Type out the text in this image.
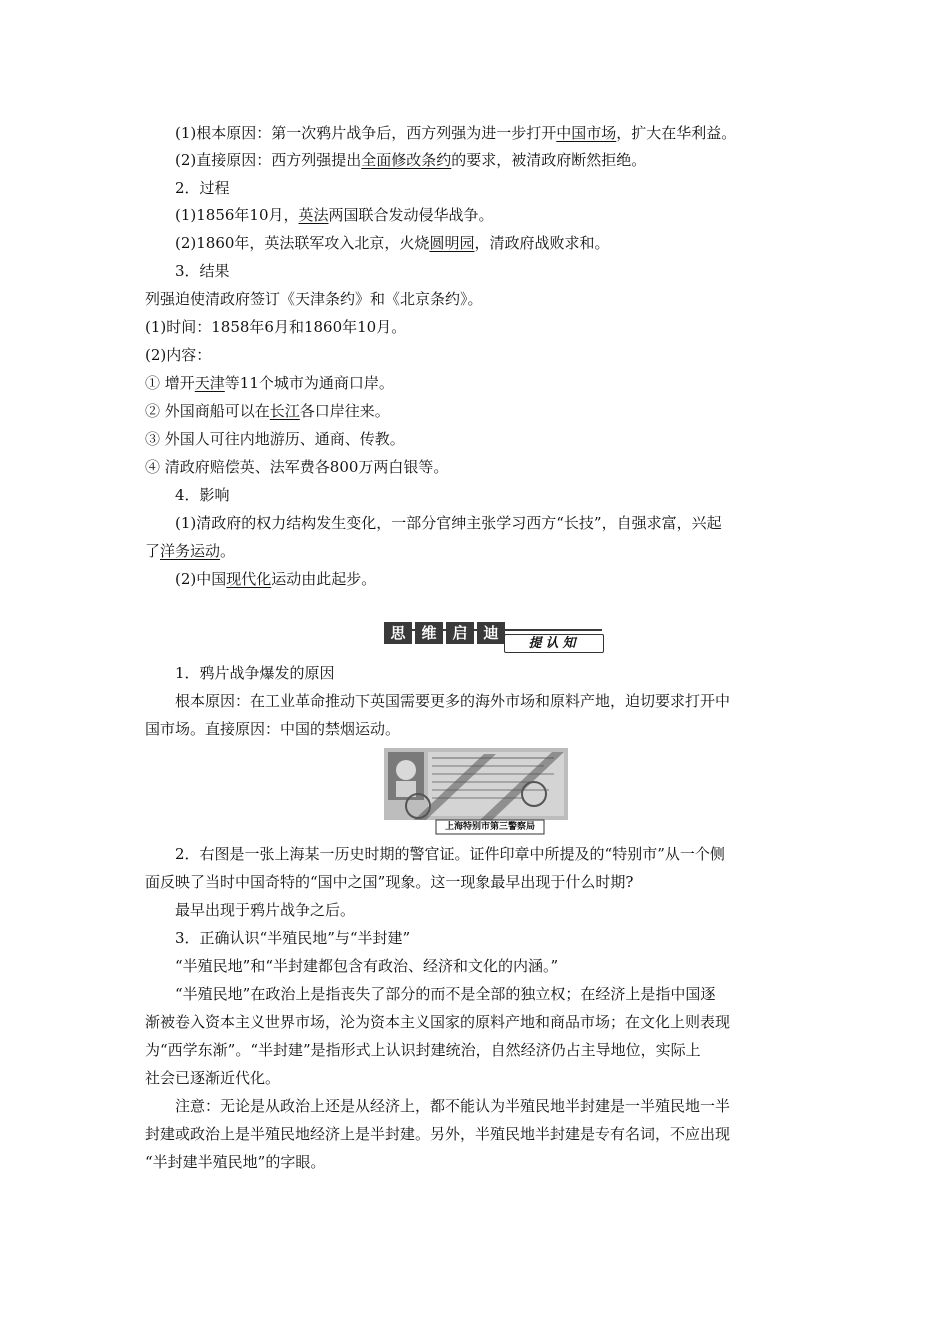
(1)根本原因：第一次鸦片战争后，西方列强为进一步打开中国市场，扩大在华利益。
(2)直接原因：西方列强提出全面修改条约的要求，被清政府断然拒绝。
2．过程
(1)1856年10月，英法两国联合发动侵华战争。
(2)1860年，英法联军攻入北京，火烧圆明园，清政府战败求和。
3．结果
列强迫使清政府签订《天津条约》和《北京条约》。
(1)时间：1858年6月和1860年10月。
(2)内容：
① 增开天津等11个城市为通商口岸。
② 外国商船可以在长江各口岸往来。
③ 外国人可往内地游历、通商、传教。
④ 清政府赔偿英、法军费各800万两白银等。
4．影响
(1)清政府的权力结构发生变化，一部分官绅主张学习西方“长技”，自强求富，兴起
了洋务运动。
(2)中国现代化运动由此起步。
思	维	启	迪
提认知
1．鸦片战争爆发的原因
根本原因：在工业革命推动下英国需要更多的海外市场和原料产地，迫切要求打开中
国市场。直接原因：中国的禁烟运动。
上海特别市第三警察局
2．右图是一张上海某一历史时期的警官证。证件印章中所提及的“特别市”从一个侧
面反映了当时中国奇特的“国中之国”现象。这一现象最早出现于什么时期?
最早出现于鸦片战争之后。
3．正确认识“半殖民地”与“半封建”
“半殖民地”和“半封建都包含有政治、经济和文化的内涵。”
“半殖民地”在政治上是指丧失了部分的而不是全部的独立权；在经济上是指中国逐
渐被卷入资本主义世界市场，沦为资本主义国家的原料产地和商品市场；在文化上则表现
为“西学东渐”。“半封建”是指形式上认识封建统治，自然经济仍占主导地位，实际上
社会已逐渐近代化。
注意：无论是从政治上还是从经济上，都不能认为半殖民地半封建是一半殖民地一半
封建或政治上是半殖民地经济上是半封建。另外，半殖民地半封建是专有名词，不应出现
“半封建半殖民地”的字眼。
